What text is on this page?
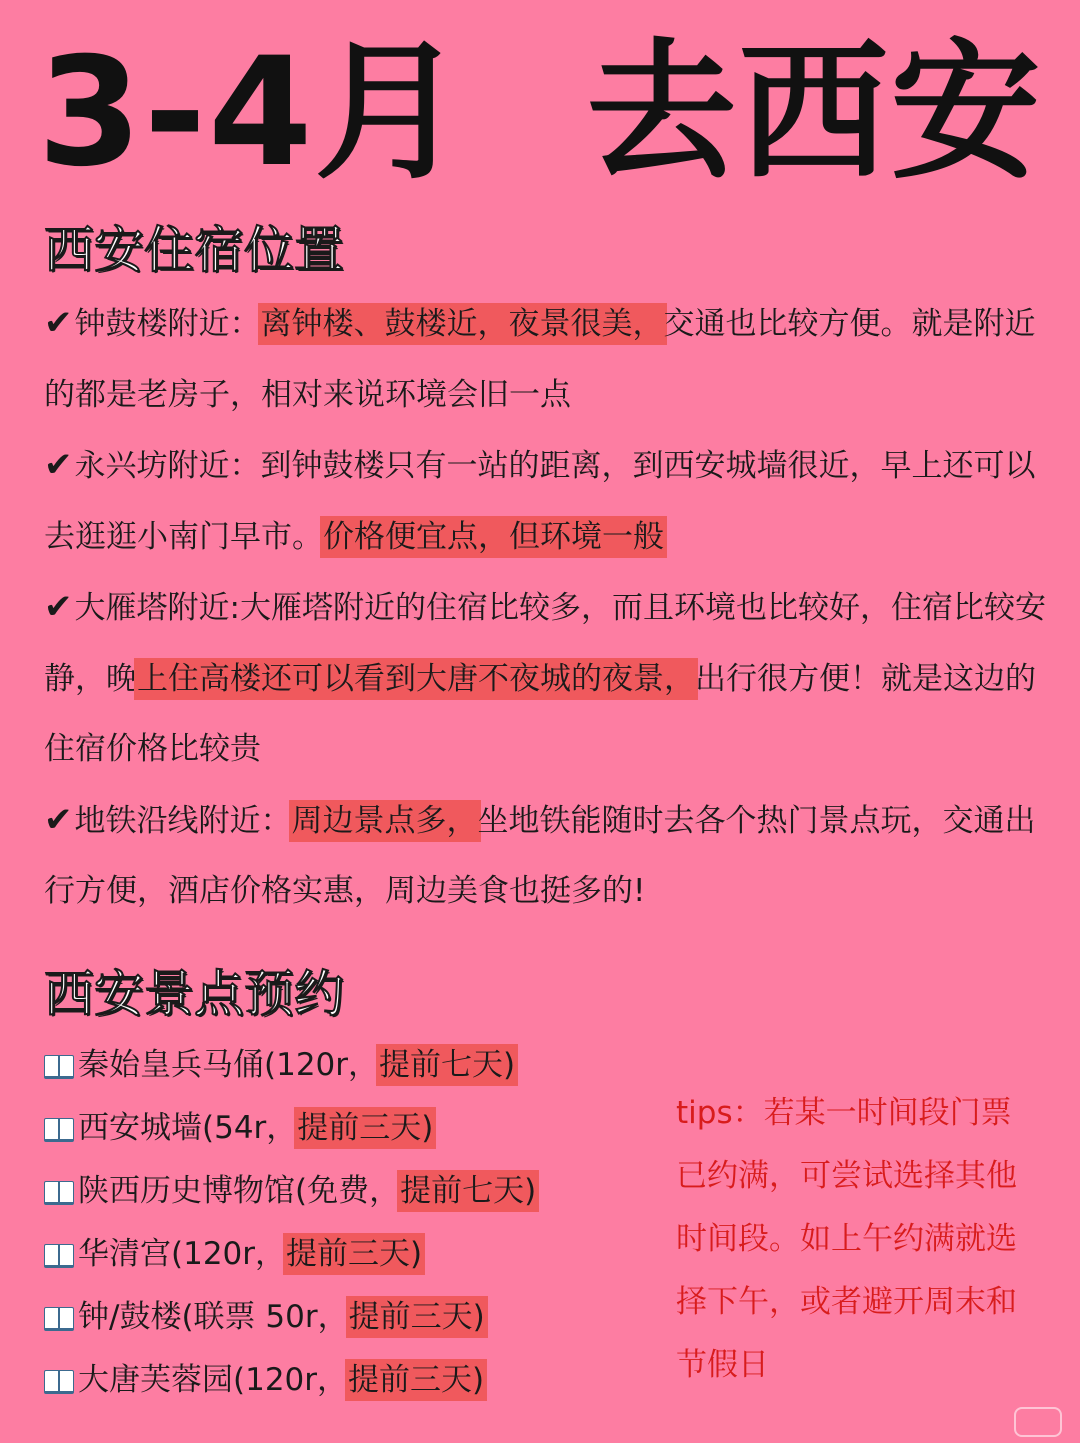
3-4月 去西安
西安住宿位置

✔钟鼓楼附近：离钟楼、鼓楼近，夜景很美，交通也比较方便。就是附近的都是老房子，相对来说环境会旧一点

✔永兴坊附近：到钟鼓楼只有一站的距离，到西安城墙很近，早上还可以去逛逛小南门早市。价格便宜点，但环境一般

✔大雁塔附近:大雁塔附近的住宿比较多，而且环境也比较好，住宿比较安静，晚上住高楼还可以看到大唐不夜城的夜景，出行很方便！就是这边的住宿价格比较贵

✔地铁沿线附近：周边景点多，坐地铁能随时去各个热门景点玩，交通出行方便，酒店价格实惠，周边美食也挺多的!

西安景点预约
秦始皇兵马俑(120r，提前七天)
西安城墙(54r，提前三天)
陕西历史博物馆(免费，提前七天)
华清宫(120r，提前三天)
钟/鼓楼(联票 50r，提前三天)
大唐芙蓉园(120r，提前三天)
tips：若某一时间段门票已约满，可尝试选择其他时间段。如上午约满就选择下午，或者避开周末和节假日
